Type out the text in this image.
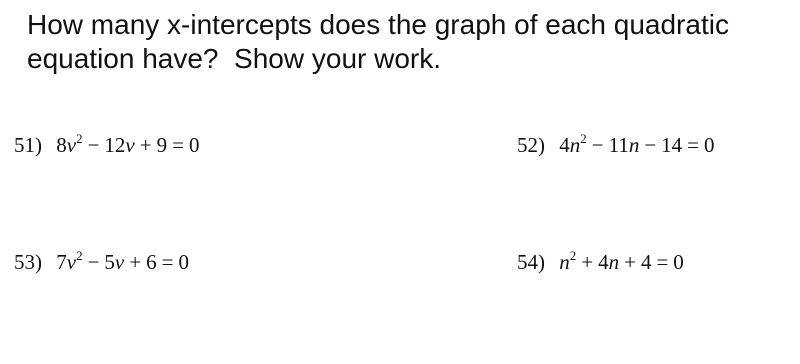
How many x-intercepts does the graph of each quadratic
equation have?  Show your work.
51) $8v^2 - 12v + 9 = 0$	52) $4n^2 - 11n - 14 = 0$
53) $7v^2 - 5v + 6 = 0$	54) $n^2 + 4n + 4 = 0$
